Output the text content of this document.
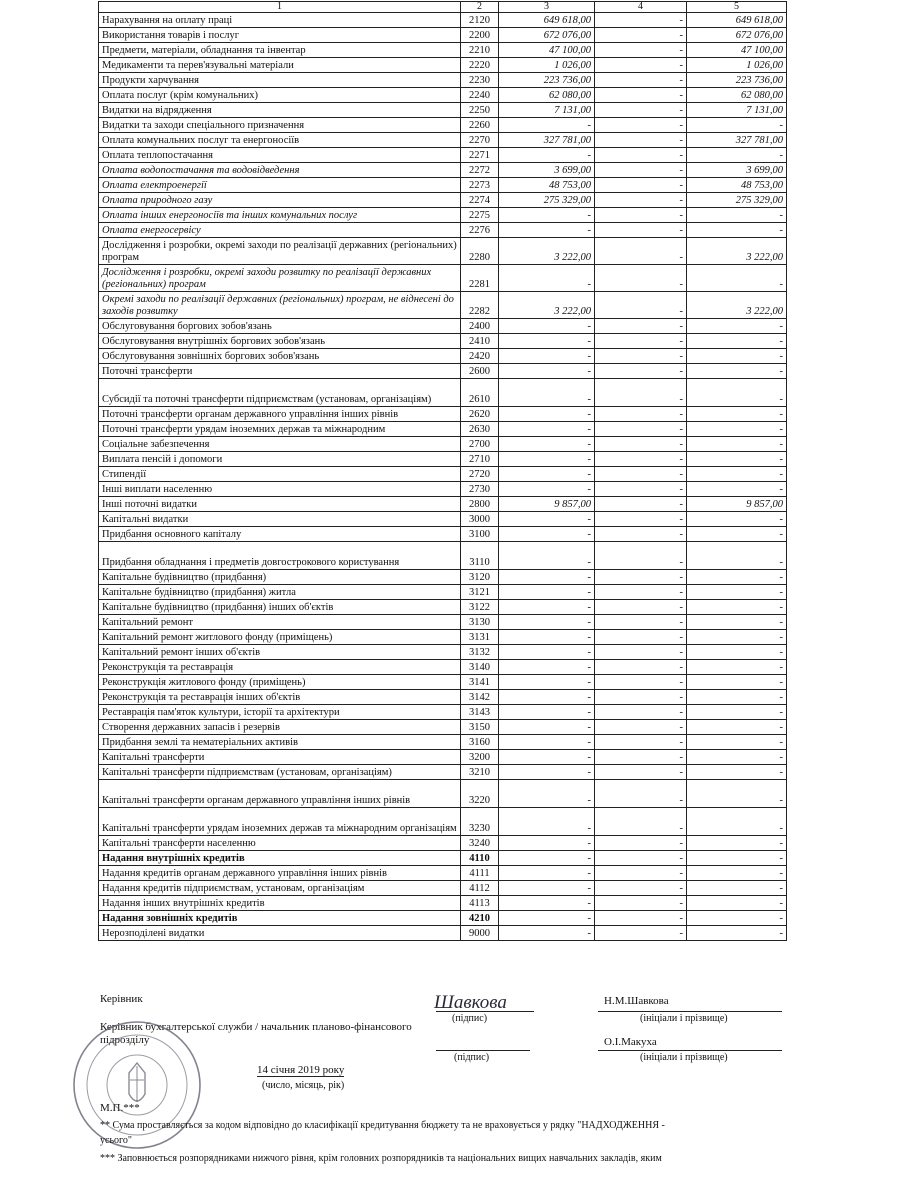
1	2	3	4	5
Нарахування на оплату праці	2120	649 618,00	-	649 618,00
Використання товарів і послуг	2200	672 076,00	-	672 076,00
Предмети, матеріали, обладнання та інвентар	2210	47 100,00	-	47 100,00
Медикаменти та перев'язувальні матеріали	2220	1 026,00	-	1 026,00
Продукти харчування	2230	223 736,00	-	223 736,00
Оплата послуг (крім комунальних)	2240	62 080,00	-	62 080,00
Видатки на відрядження	2250	7 131,00	-	7 131,00
Видатки та заходи спеціального призначення	2260	-	-	-
Оплата комунальних послуг та енергоносіїв	2270	327 781,00	-	327 781,00
Оплата теплопостачання	2271	-	-	-
Оплата водопостачання та водовідведення	2272	3 699,00	-	3 699,00
Оплата електроенергії	2273	48 753,00	-	48 753,00
Оплата природного газу	2274	275 329,00	-	275 329,00
Оплата інших енергоносіїв та інших комунальних послуг	2275	-	-	-
Оплата енергосервісу	2276	-	-	-
Дослідження і розробки, окремі заходи по реалізації державних (регіональних) програм	2280	3 222,00	-	3 222,00
Дослідження і розробки, окремі заходи розвитку по реалізації державних (регіональних) програм	2281	-	-	-
Окремі заходи по реалізації державних (регіональних) програм, не віднесені до заходів розвитку	2282	3 222,00	-	3 222,00
Обслуговування боргових зобов'язань	2400	-	-	-
Обслуговування внутрішніх боргових зобов'язань	2410	-	-	-
Обслуговування зовнішніх боргових зобов'язань	2420	-	-	-
Поточні трансферти	2600	-	-	-
Субсидії та поточні трансферти підприємствам (установам, організаціям)	2610	-	-	-
Поточні трансферти органам державного управління інших рівнів	2620	-	-	-
Поточні трансферти урядам іноземних держав та міжнародним	2630	-	-	-
Соціальне забезпечення	2700	-	-	-
Виплата пенсій і допомоги	2710	-	-	-
Стипендії	2720	-	-	-
Інші виплати населенню	2730	-	-	-
Інші поточні видатки	2800	9 857,00	-	9 857,00
Капітальні видатки	3000	-	-	-
Придбання основного капіталу	3100	-	-	-
Придбання обладнання і предметів довгострокового користування	3110	-	-	-
Капітальне будівництво (придбання)	3120	-	-	-
Капітальне будівництво (придбання) житла	3121	-	-	-
Капітальне будівництво (придбання) інших об'єктів	3122	-	-	-
Капітальний ремонт	3130	-	-	-
Капітальний ремонт житлового фонду (приміщень)	3131	-	-	-
Капітальний ремонт інших об'єктів	3132	-	-	-
Реконструкція та реставрація	3140	-	-	-
Реконструкція житлового фонду (приміщень)	3141	-	-	-
Реконструкція та реставрація інших об'єктів	3142	-	-	-
Реставрація пам'яток культури, історії та архітектури	3143	-	-	-
Створення державних запасів і резервів	3150	-	-	-
Придбання землі та нематеріальних активів	3160	-	-	-
Капітальні трансферти	3200	-	-	-
Капітальні трансферти підприємствам (установам, організаціям)	3210	-	-	-
Капітальні трансферти органам державного управління інших рівнів	3220	-	-	-
Капітальні трансферти урядам іноземних держав та міжнародним організаціям	3230	-	-	-
Капітальні трансферти населенню	3240	-	-	-
Надання внутрішніх кредитів	4110	-	-	-
Надання кредитів органам державного управління інших рівнів	4111	-	-	-
Надання кредитів підприємствам, установам, організаціям	4112	-	-	-
Надання інших внутрішніх кредитів	4113	-	-	-
Надання зовнішніх кредитів	4210	-	-	-
Нерозподілені видатки	9000	-	-	-
Керівник	Шавкова
(підпис)
Н.М.Шавкова
(ініціали і прізвище)
Керівник бухгалтерської служби / начальник планово-фінансового
підрозділу
(підпис)
О.І.Макуха
(ініціали і прізвище)
14 січня 2019 року
(число, місяць, рік)
М.П.***
** Сума проставляється за кодом відповідно до класифікації кредитування бюджету та не враховується у рядку "НАДХОДЖЕННЯ -
усього"
*** Заповнюється розпорядниками нижчого рівня, крім головних розпорядників та національних вищих навчальних закладів, яким
